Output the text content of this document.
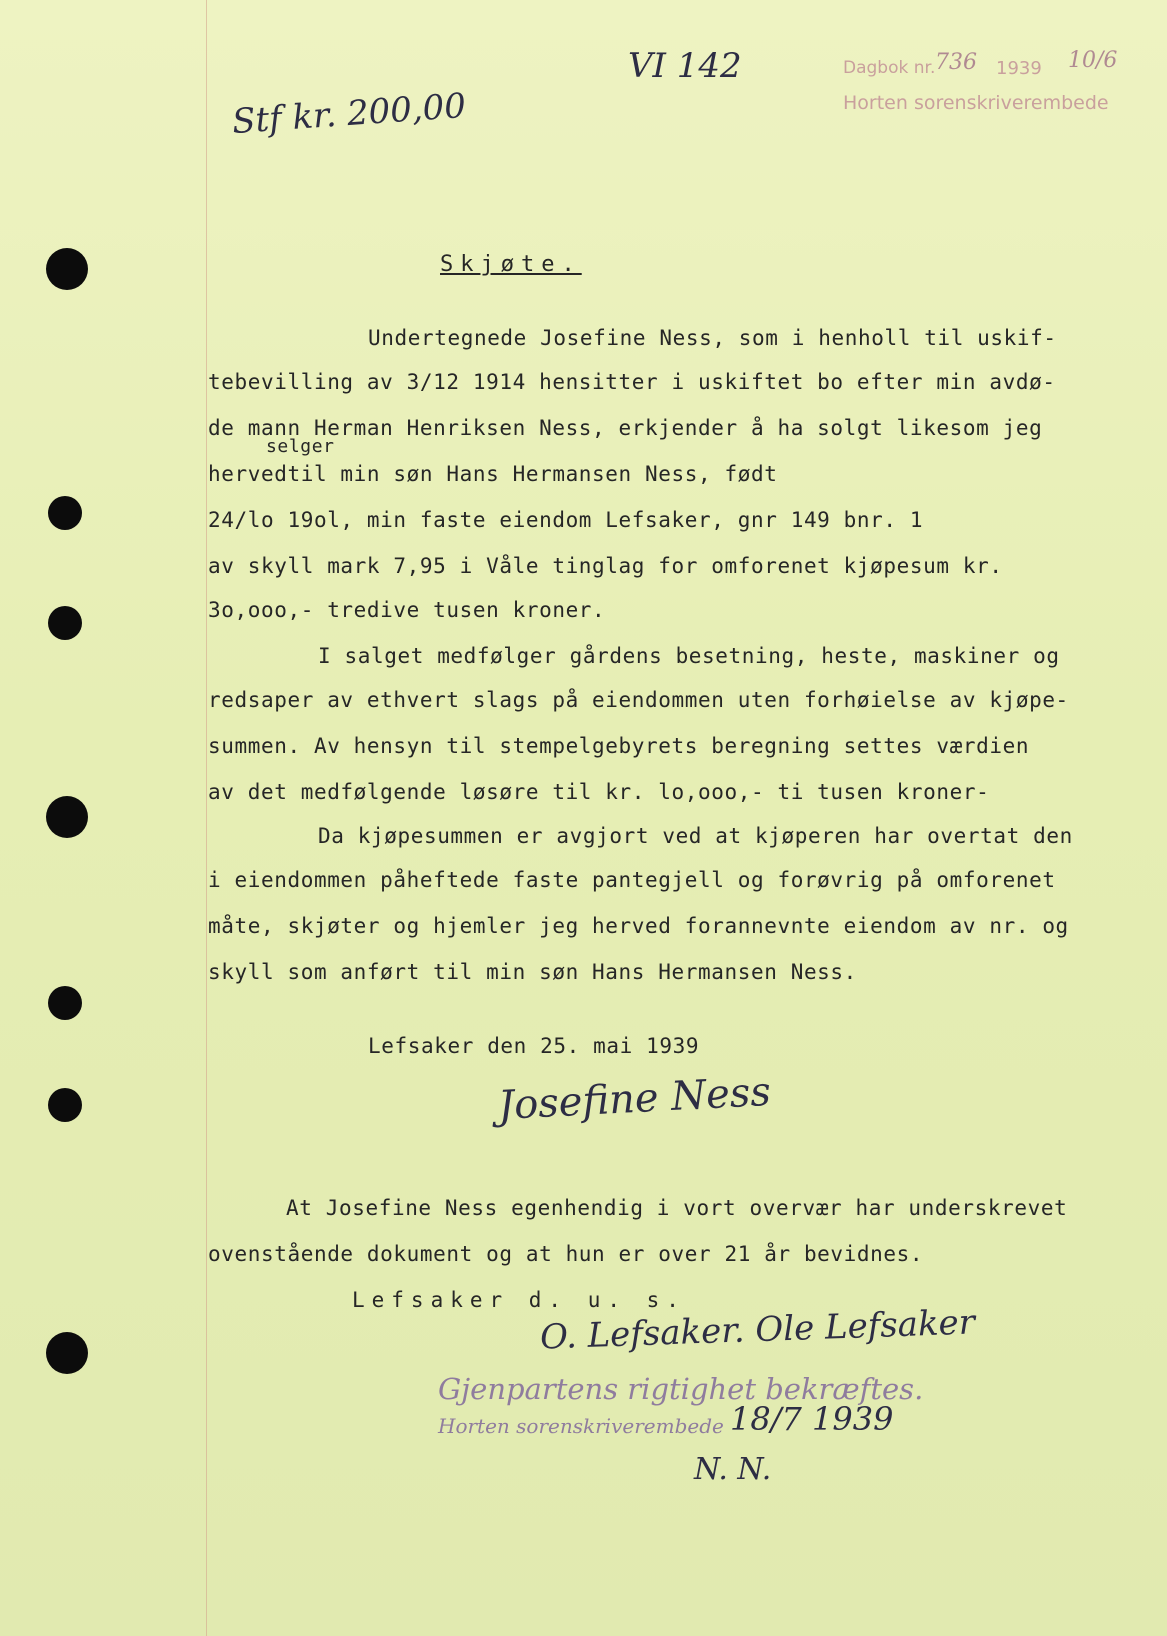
VI 142	Dagbok nr. 736 1939 10/6
Horten sorenskriverembede
Stf kr. 200,00
Skjøte.
Undertegnede Josefine Ness, som i henholl til uskif-
tebevilling av 3/12 1914 hensitter i uskiftet bo efter min avdø-
de mann Herman Henriksen Ness, erkjender å ha solgt likesom jeg
selger
hervedtil min søn Hans Hermansen Ness, født
24/lo 19ol, min faste eiendom Lefsaker, gnr 149 bnr. 1
av skyll mark 7,95 i Våle tinglag for omforenet kjøpesum kr.
3o,ooo,- tredive tusen kroner.
I salget medfølger gårdens besetning, heste, maskiner og
redsaper av ethvert slags på eiendommen uten forhøielse av kjøpe-
summen. Av hensyn til stempelgebyrets beregning settes værdien
av det medfølgende løsøre til kr. lo,ooo,- ti tusen kroner-
Da kjøpesummen er avgjort ved at kjøperen har overtat den
i eiendommen påheftede faste pantegjell og forøvrig på omforenet
måte, skjøter og hjemler jeg herved forannevnte eiendom av nr. og
skyll som anført til min søn Hans Hermansen Ness.
Lefsaker den 25. mai 1939
Josefine Ness
At Josefine Ness egenhendig i vort overvær har underskrevet
ovenstående dokument og at hun er over 21 år bevidnes.
Lefsaker d. u. s.
O. Lefsaker. Ole Lefsaker
Gjenpartens rigtighet bekræftes.
Horten sorenskriverembede 18/7 1939
N. N.
